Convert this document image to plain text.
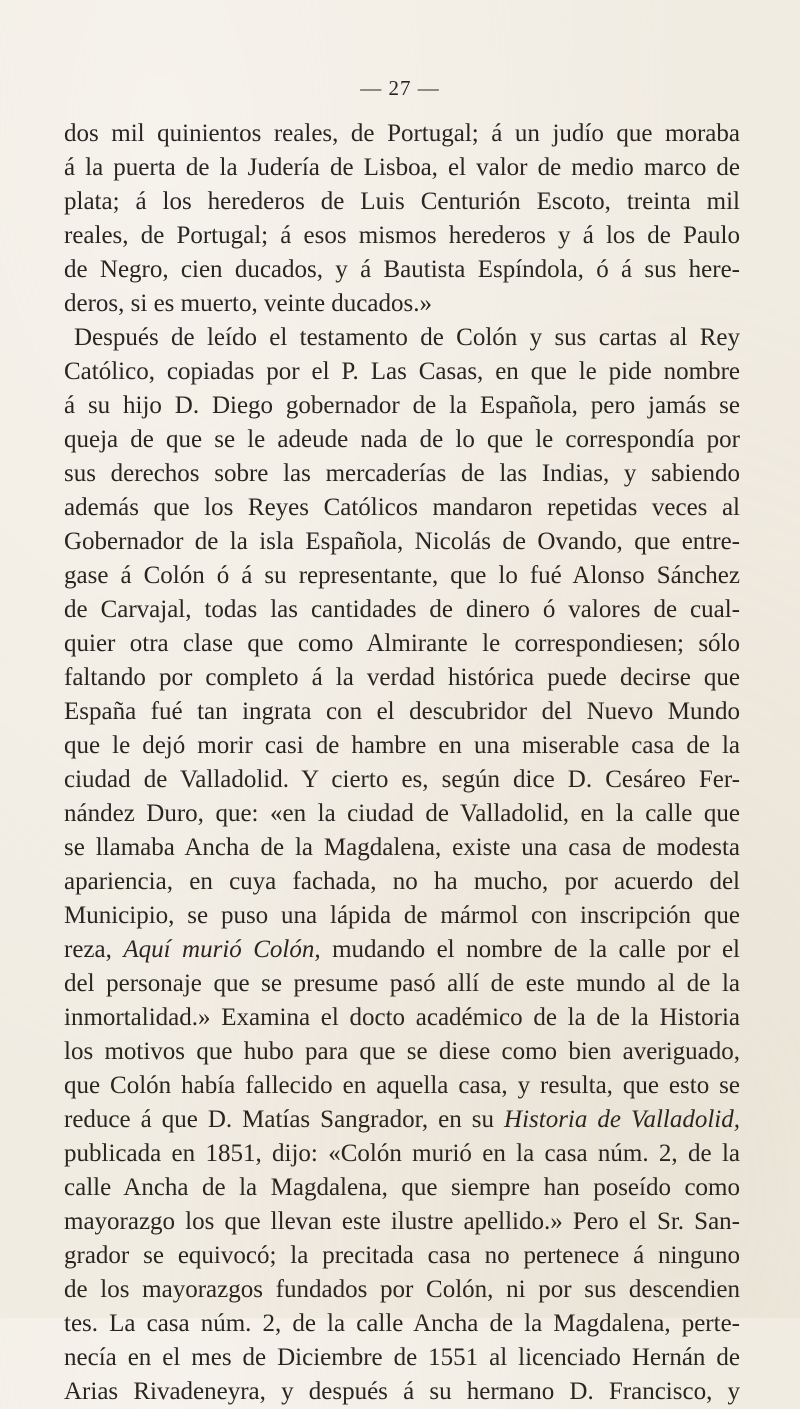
— 27 —
dos mil quinientos reales, de Portugal; á un judío que moraba
á la puerta de la Judería de Lisboa, el valor de medio marco de
plata; á los herederos de Luis Centurión Escoto, treinta mil
reales, de Portugal; á esos mismos herederos y á los de Paulo
de Negro, cien ducados, y á Bautista Espíndola, ó á sus here-
deros, si es muerto, veinte ducados.»
Después de leído el testamento de Colón y sus cartas al Rey
Católico, copiadas por el P. Las Casas, en que le pide nombre
á su hijo D. Diego gobernador de la Española, pero jamás se
queja de que se le adeude nada de lo que le correspondía por
sus derechos sobre las mercaderías de las Indias, y sabiendo
además que los Reyes Católicos mandaron repetidas veces al
Gobernador de la isla Española, Nicolás de Ovando, que entre-
gase á Colón ó á su representante, que lo fué Alonso Sánchez
de Carvajal, todas las cantidades de dinero ó valores de cual-
quier otra clase que como Almirante le correspondiesen; sólo
faltando por completo á la verdad histórica puede decirse que
España fué tan ingrata con el descubridor del Nuevo Mundo
que le dejó morir casi de hambre en una miserable casa de la
ciudad de Valladolid. Y cierto es, según dice D. Cesáreo Fer-
nández Duro, que: «en la ciudad de Valladolid, en la calle que
se llamaba Ancha de la Magdalena, existe una casa de modesta
apariencia, en cuya fachada, no ha mucho, por acuerdo del
Municipio, se puso una lápida de mármol con inscripción que
reza, Aquí murió Colón, mudando el nombre de la calle por el
del personaje que se presume pasó allí de este mundo al de la
inmortalidad.» Examina el docto académico de la de la Historia
los motivos que hubo para que se diese como bien averiguado,
que Colón había fallecido en aquella casa, y resulta, que esto se
reduce á que D. Matías Sangrador, en su Historia de Valladolid,
publicada en 1851, dijo: «Colón murió en la casa núm. 2, de la
calle Ancha de la Magdalena, que siempre han poseído como
mayorazgo los que llevan este ilustre apellido.» Pero el Sr. San-
grador se equivocó; la precitada casa no pertenece á ninguno
de los mayorazgos fundados por Colón, ni por sus descendien
tes. La casa núm. 2, de la calle Ancha de la Magdalena, perte-
necía en el mes de Diciembre de 1551 al licenciado Hernán de
Arias Rivadeneyra, y después á su hermano D. Francisco, y
